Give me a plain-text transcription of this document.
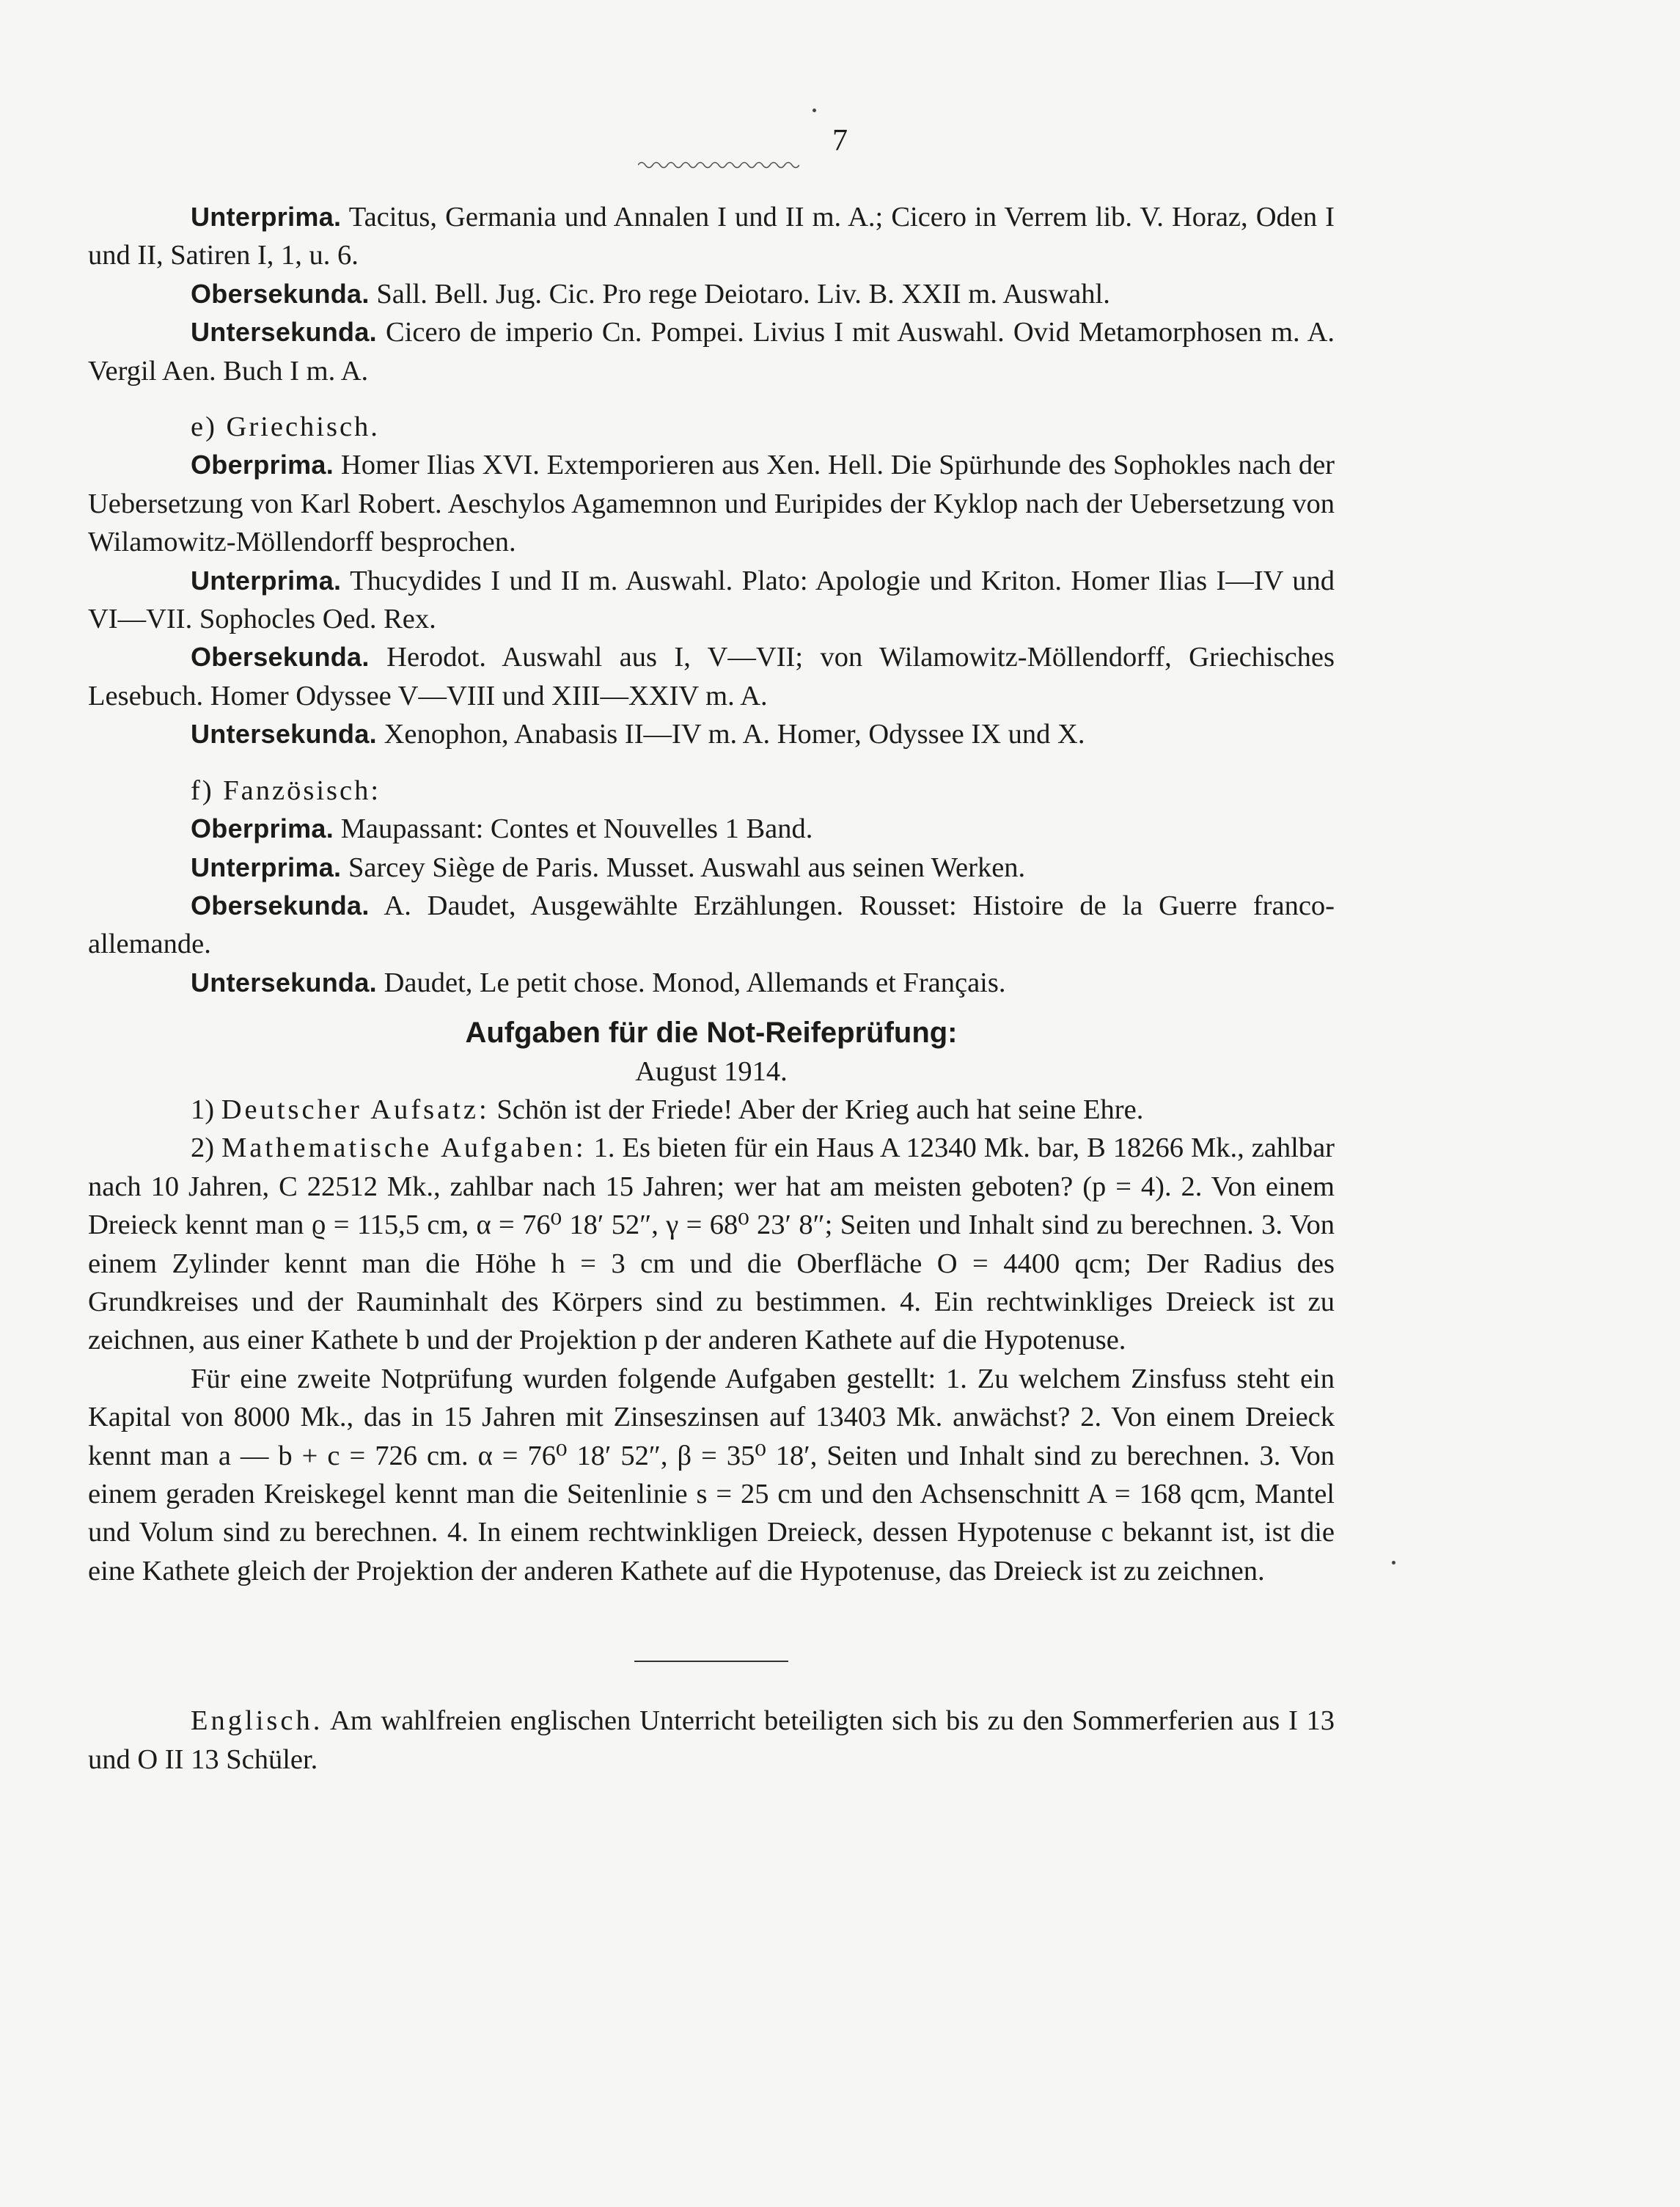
7

Unterprima. Tacitus, Germania und Annalen I und II m. A.; Cicero in Verrem lib. V. Horaz, Oden I und II, Satiren I, 1, u. 6.

Obersekunda. Sall. Bell. Jug. Cic. Pro rege Deiotaro. Liv. B. XXII m. Auswahl.

Untersekunda. Cicero de imperio Cn. Pompei. Livius I mit Auswahl. Ovid Metamorphosen m. A. Vergil Aen. Buch I m. A.

e) Griechisch.

Oberprima. Homer Ilias XVI. Extemporieren aus Xen. Hell. Die Spürhunde des Sophokles nach der Uebersetzung von Karl Robert. Aeschylos Agamemnon und Euripides der Kyklop nach der Uebersetzung von Wilamowitz-Möllendorff besprochen.

Unterprima. Thucydides I und II m. Auswahl. Plato: Apologie und Kriton. Homer Ilias I—IV und VI—VII. Sophocles Oed. Rex.

Obersekunda. Herodot. Auswahl aus I, V—VII; von Wilamowitz-Möllendorff, Griechisches Lesebuch. Homer Odyssee V—VIII und XIII—XXIV m. A.

Untersekunda. Xenophon, Anabasis II—IV m. A. Homer, Odyssee IX und X.

f) Fanzösisch:

Oberprima. Maupassant: Contes et Nouvelles 1 Band.

Unterprima. Sarcey Siège de Paris. Musset. Auswahl aus seinen Werken.

Obersekunda. A. Daudet, Ausgewählte Erzählungen. Rousset: Histoire de la Guerre franco-allemande.

Untersekunda. Daudet, Le petit chose. Monod, Allemands et Français.

Aufgaben für die Not-Reifeprüfung:

August 1914.

1) Deutscher Aufsatz: Schön ist der Friede! Aber der Krieg auch hat seine Ehre.

2) Mathematische Aufgaben: 1. Es bieten für ein Haus A 12340 Mk. bar, B 18266 Mk., zahlbar nach 10 Jahren, C 22512 Mk., zahlbar nach 15 Jahren; wer hat am meisten geboten? (p = 4). 2. Von einem Dreieck kennt man ϱ = 115,5 cm, α = 76⁰ 18′ 52″, γ = 68⁰ 23′ 8″; Seiten und Inhalt sind zu berechnen. 3. Von einem Zylinder kennt man die Höhe h = 3 cm und die Oberfläche O = 4400 qcm; Der Radius des Grundkreises und der Rauminhalt des Körpers sind zu bestimmen. 4. Ein rechtwinkliges Dreieck ist zu zeichnen, aus einer Kathete b und der Projektion p der anderen Kathete auf die Hypotenuse.

Für eine zweite Notprüfung wurden folgende Aufgaben gestellt: 1. Zu welchem Zinsfuss steht ein Kapital von 8000 Mk., das in 15 Jahren mit Zinseszinsen auf 13403 Mk. anwächst? 2. Von einem Dreieck kennt man a — b + c = 726 cm. α = 76⁰ 18′ 52″, β = 35⁰ 18′, Seiten und Inhalt sind zu berechnen. 3. Von einem geraden Kreiskegel kennt man die Seitenlinie s = 25 cm und den Achsenschnitt A = 168 qcm, Mantel und Volum sind zu berechnen. 4. In einem rechtwinkligen Dreieck, dessen Hypotenuse c bekannt ist, ist die eine Kathete gleich der Projektion der anderen Kathete auf die Hypotenuse, das Dreieck ist zu zeichnen.

Englisch. Am wahlfreien englischen Unterricht beteiligten sich bis zu den Sommerferien aus I 13 und O II 13 Schüler.
